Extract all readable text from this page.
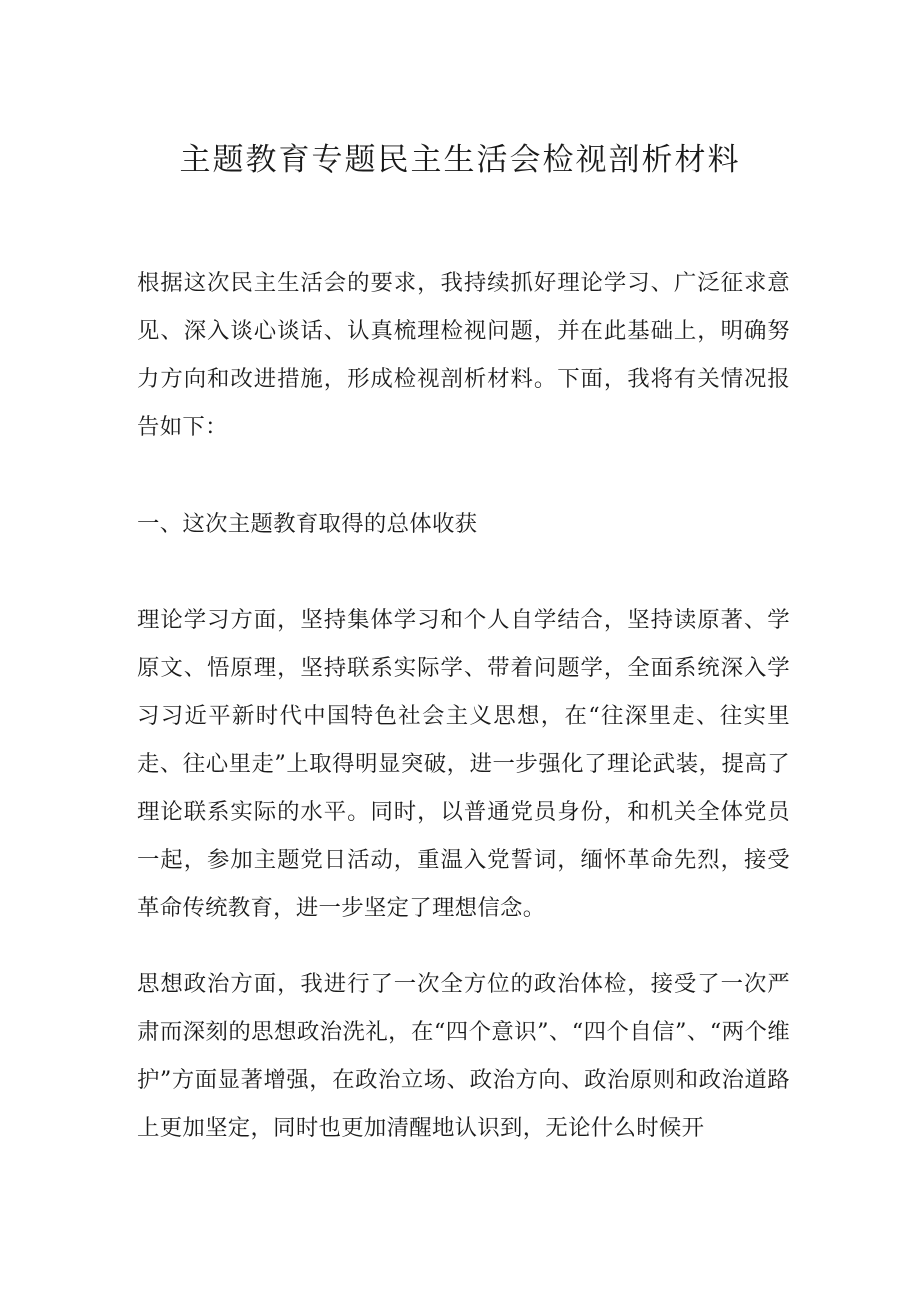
主题教育专题民主生活会检视剖析材料

根据这次民主生活会的要求，我持续抓好理论学习、广泛征求意见、深入谈心谈话、认真梳理检视问题，并在此基础上，明确努力方向和改进措施，形成检视剖析材料。下面，我将有关情况报告如下：

一、这次主题教育取得的总体收获

理论学习方面，坚持集体学习和个人自学结合，坚持读原著、学原文、悟原理，坚持联系实际学、带着问题学，全面系统深入学习习近平新时代中国特色社会主义思想，在“往深里走、往实里走、往心里走”上取得明显突破，进一步强化了理论武装，提高了理论联系实际的水平。同时，以普通党员身份，和机关全体党员一起，参加主题党日活动，重温入党誓词，缅怀革命先烈，接受革命传统教育，进一步坚定了理想信念。

思想政治方面，我进行了一次全方位的政治体检，接受了一次严肃而深刻的思想政治洗礼，在“四个意识”、“四个自信”、“两个维护”方面显著增强，在政治立场、政治方向、政治原则和政治道路上更加坚定，同时也更加清醒地认识到，无论什么时候开
